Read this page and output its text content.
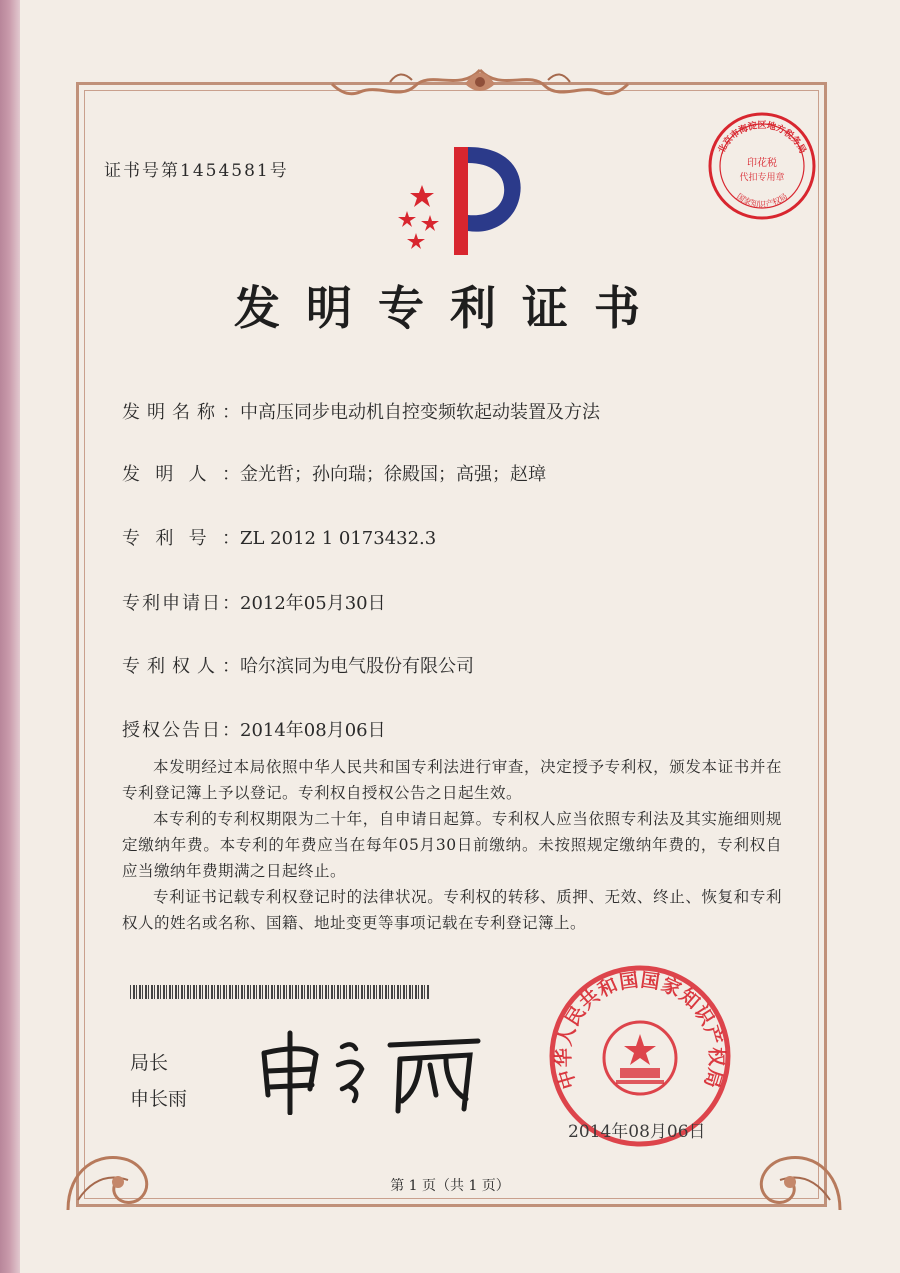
证书号第1454581号
北京市海淀区地方税务局
国家知识产权局
印花税
代扣专用章
发明专利证书
发明名称：中高压同步电动机自控变频软起动装置及方法
发明人：金光哲；孙向瑞；徐殿国；高强；赵璋
专利号：ZL 2012 1 0173432.3
专利申请日：2012年05月30日
专利权人：哈尔滨同为电气股份有限公司
授权公告日：2014年08月06日
本发明经过本局依照中华人民共和国专利法进行审查，决定授予专利权，颁发本证书并在专利登记簿上予以登记。专利权自授权公告之日起生效。
本专利的专利权期限为二十年，自申请日起算。专利权人应当依照专利法及其实施细则规定缴纳年费。本专利的年费应当在每年05月30日前缴纳。未按照规定缴纳年费的，专利权自应当缴纳年费期满之日起终止。
专利证书记载专利权登记时的法律状况。专利权的转移、质押、无效、终止、恢复和专利权人的姓名或名称、国籍、地址变更等事项记载在专利登记簿上。
局长
申长雨
中华人民共和国国家知识产权局
2014年08月06日
第 1 页（共 1 页）
